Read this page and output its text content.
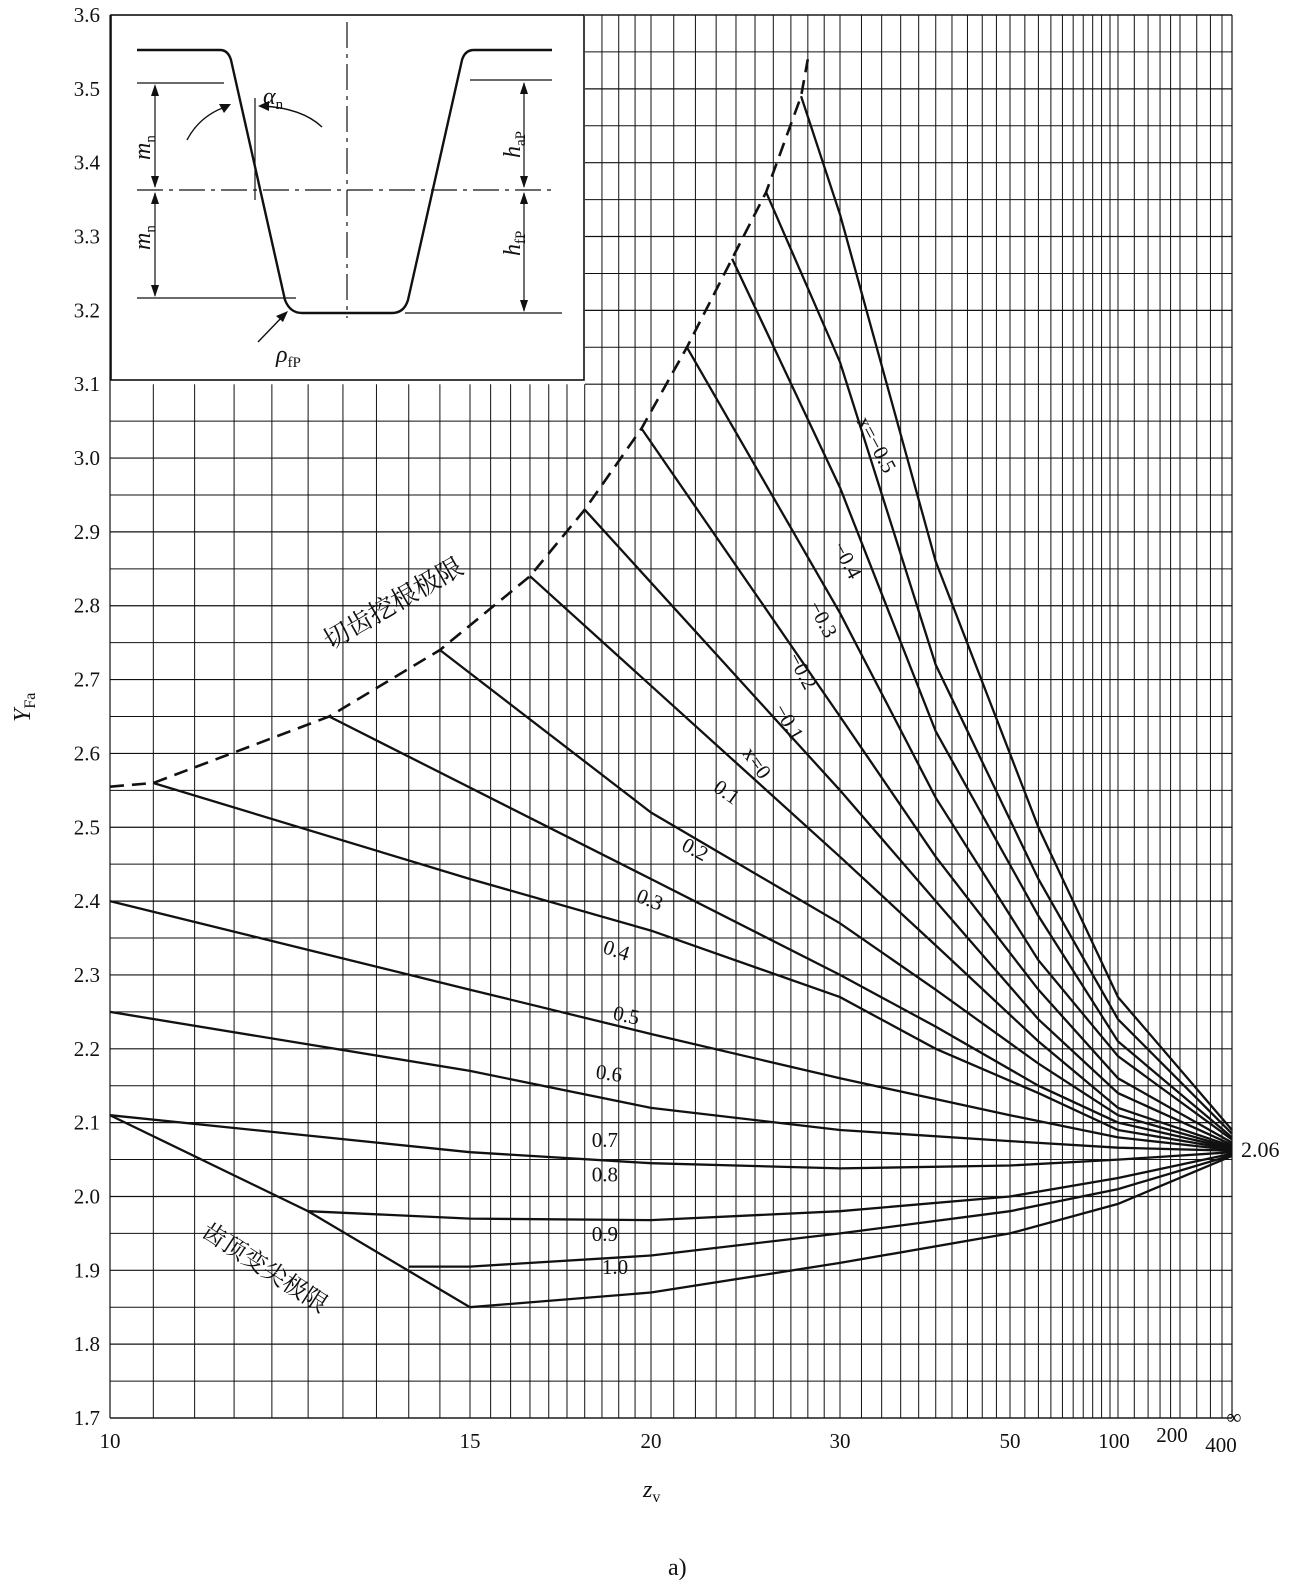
x=−0.5
−0.4
−0.3
−0.2
−0.1
x=0
0.1
0.2
0.3
0.4
0.5
0.6
0.7
0.8
0.9
1.0
1.7
1.8
1.9
2.0
2.1
2.2
2.3
2.4
2.5
2.6
2.7
2.8
2.9
3.0
3.1
3.2
3.3
3.4
3.5
3.6
10	15	20	30	50	100 200 400
∞
$Y_{Fa}$
$z_v$
a)
2.06
切齿挖根极限
齿顶变尖极限
$\alpha_n$
$m_n$
$m_n$
$h_{aP}$
$h_{fP}$
$\rho_{fP}$
